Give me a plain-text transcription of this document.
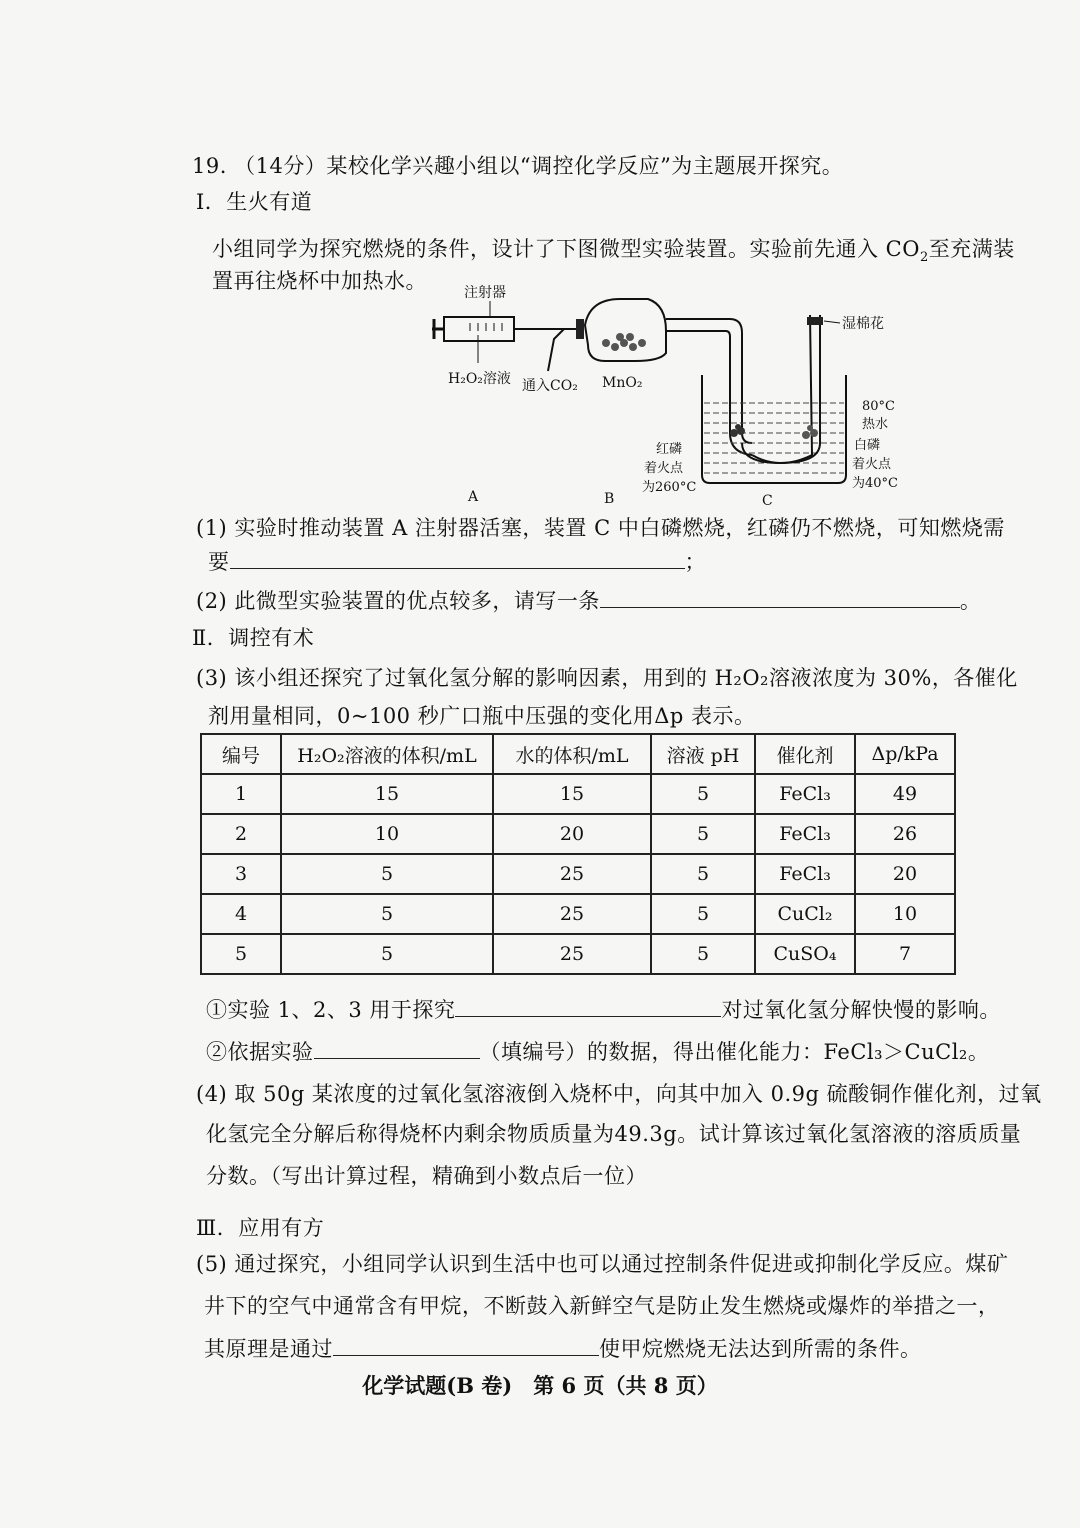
19. （14分）某校化学兴趣小组以“调控化学反应”为主题展开探究。
Ⅰ．生火有道
小组同学为探究燃烧的条件，设计了下图微型实验装置。实验前先通入 $CO_2$至充满装
置再往烧杯中加热水。	注射器
H₂O₂溶液 通入CO₂ MnO₂
湿棉花
80°C
热水
红磷
着火点
为260°C
白磷
着火点
为40°C
A	B	C
(1) 实验时推动装置 A 注射器活塞，装置 C 中白磷燃烧，红磷仍不燃烧，可知燃烧需
要	；
(2) 此微型实验装置的优点较多，请写一条	。
Ⅱ．调控有术
(3) 该小组还探究了过氧化氢分解的影响因素，用到的 H₂O₂溶液浓度为 30%，各催化
剂用量相同，0~100 秒广口瓶中压强的变化用Δp 表示。
编号	H₂O₂溶液的体积/mL	水的体积/mL	溶液 pH	催化剂	Δp/kPa
1	15	15	5	FeCl₃	49
2	10	20	5	FeCl₃	26
3	5	25	5	FeCl₃	20
4	5	25	5	CuCl₂	10
5	5	25	5	CuSO₄	7
①实验 1、2、3 用于探究	对过氧化氢分解快慢的影响。
②依据实验	（填编号）的数据，得出催化能力：FeCl₃＞CuCl₂。
(4) 取 50g 某浓度的过氧化氢溶液倒入烧杯中，向其中加入 0.9g 硫酸铜作催化剂，过氧
化氢完全分解后称得烧杯内剩余物质质量为49.3g。试计算该过氧化氢溶液的溶质质量
分数。（写出计算过程，精确到小数点后一位）
Ⅲ．应用有方
(5) 通过探究，小组同学认识到生活中也可以通过控制条件促进或抑制化学反应。煤矿
井下的空气中通常含有甲烷，不断鼓入新鲜空气是防止发生燃烧或爆炸的举措之一，
其原理是通过	使甲烷燃烧无法达到所需的条件。
化学试题(B 卷)　第 6 页（共 8 页）
